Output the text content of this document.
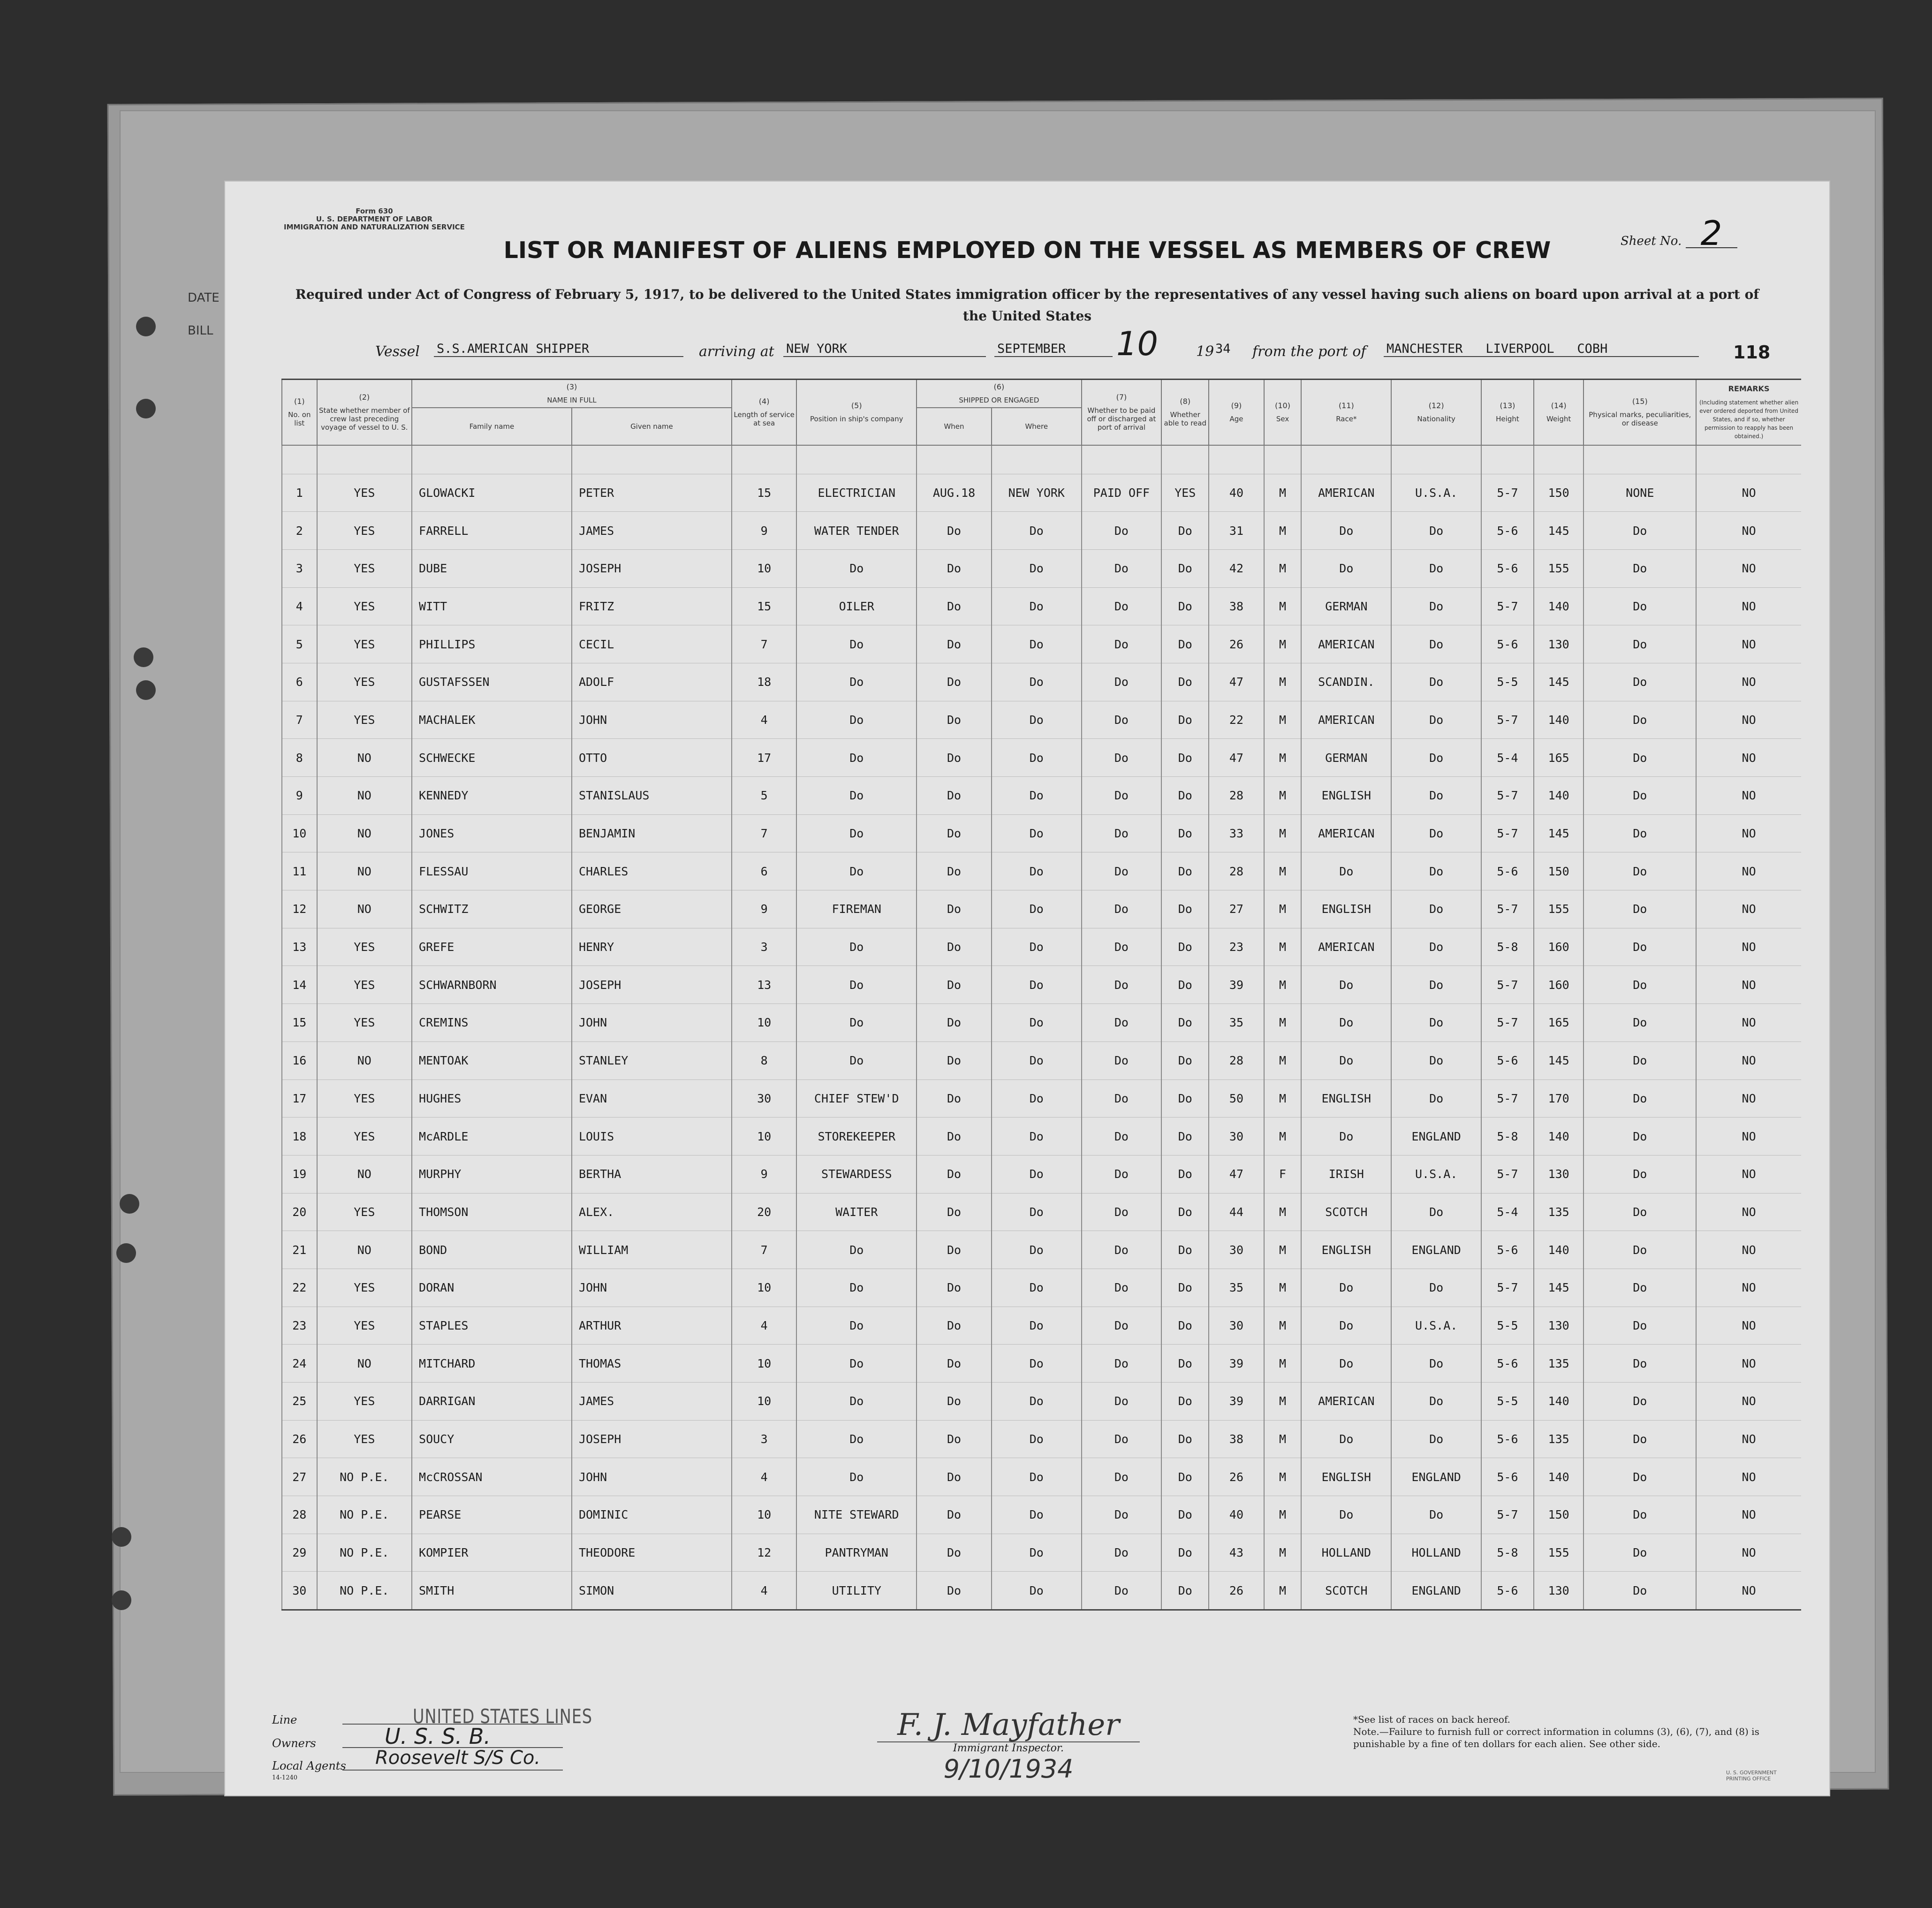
DATE
BILL
Form 630
U. S. DEPARTMENT OF LABOR
IMMIGRATION AND NATURALIZATION SERVICE
Sheet No. 2
LIST OR MANIFEST OF ALIENS EMPLOYED ON THE VESSEL AS MEMBERS OF CREW
Required under Act of Congress of February 5, 1917, to be delivered to the United States immigration officer by the representatives of any vessel having such aliens on board upon arrival at a port of the United States
Vessel S.S.AMERICAN SHIPPER	arriving at NEW YORK	SEPTEMBER	10	19 34	from the port of MANCHESTER   LIVERPOOL   COBH	118
(1)
No. on list	(2)
State whether member of crew last preceding voyage of vessel to U. S.	(3)
NAME IN FULL		(4)
Length of service at sea	(5)
Position in ship's company	(6)
SHIPPED OR ENGAGED		(7)
Whether to be paid off or discharged at port of arrival	(8)
Whether able to read	(9)
Age	(10)
Sex	(11)
Race*	(12)
Nationality	(13)
Height	(14)
Weight	(15)
Physical marks, peculiarities, or disease	REMARKS
(Including statement whether alien ever ordered deported from United States, and if so, whether permission to reapply has been obtained.)
		Family name	Given name			When	Where										

1	YES	GLOWACKI	PETER	15	ELECTRICIAN	AUG.18	NEW YORK	PAID OFF	YES	40	M	AMERICAN	U.S.A.	5-7	150	NONE	NO
2	YES	FARRELL	JAMES	9	WATER TENDER	Do	Do	Do	Do	31	M	Do	Do	5-6	145	Do	NO
3	YES	DUBE	JOSEPH	10	Do	Do	Do	Do	Do	42	M	Do	Do	5-6	155	Do	NO
4	YES	WITT	FRITZ	15	OILER	Do	Do	Do	Do	38	M	GERMAN	Do	5-7	140	Do	NO
5	YES	PHILLIPS	CECIL	7	Do	Do	Do	Do	Do	26	M	AMERICAN	Do	5-6	130	Do	NO
6	YES	GUSTAFSSEN	ADOLF	18	Do	Do	Do	Do	Do	47	M	SCANDIN.	Do	5-5	145	Do	NO
7	YES	MACHALEK	JOHN	4	Do	Do	Do	Do	Do	22	M	AMERICAN	Do	5-7	140	Do	NO
8	NO	SCHWECKE	OTTO	17	Do	Do	Do	Do	Do	47	M	GERMAN	Do	5-4	165	Do	NO
9	NO	KENNEDY	STANISLAUS	5	Do	Do	Do	Do	Do	28	M	ENGLISH	Do	5-7	140	Do	NO
10	NO	JONES	BENJAMIN	7	Do	Do	Do	Do	Do	33	M	AMERICAN	Do	5-7	145	Do	NO
11	NO	FLESSAU	CHARLES	6	Do	Do	Do	Do	Do	28	M	Do	Do	5-6	150	Do	NO
12	NO	SCHWITZ	GEORGE	9	FIREMAN	Do	Do	Do	Do	27	M	ENGLISH	Do	5-7	155	Do	NO
13	YES	GREFE	HENRY	3	Do	Do	Do	Do	Do	23	M	AMERICAN	Do	5-8	160	Do	NO
14	YES	SCHWARNBORN	JOSEPH	13	Do	Do	Do	Do	Do	39	M	Do	Do	5-7	160	Do	NO
15	YES	CREMINS	JOHN	10	Do	Do	Do	Do	Do	35	M	Do	Do	5-7	165	Do	NO
16	NO	MENTOAK	STANLEY	8	Do	Do	Do	Do	Do	28	M	Do	Do	5-6	145	Do	NO
17	YES	HUGHES	EVAN	30	CHIEF STEW'D	Do	Do	Do	Do	50	M	ENGLISH	Do	5-7	170	Do	NO
18	YES	McARDLE	LOUIS	10	STOREKEEPER	Do	Do	Do	Do	30	M	Do	ENGLAND	5-8	140	Do	NO
19	NO	MURPHY	BERTHA	9	STEWARDESS	Do	Do	Do	Do	47	F	IRISH	U.S.A.	5-7	130	Do	NO
20	YES	THOMSON	ALEX.	20	WAITER	Do	Do	Do	Do	44	M	SCOTCH	Do	5-4	135	Do	NO
21	NO	BOND	WILLIAM	7	Do	Do	Do	Do	Do	30	M	ENGLISH	ENGLAND	5-6	140	Do	NO
22	YES	DORAN	JOHN	10	Do	Do	Do	Do	Do	35	M	Do	Do	5-7	145	Do	NO
23	YES	STAPLES	ARTHUR	4	Do	Do	Do	Do	Do	30	M	Do	U.S.A.	5-5	130	Do	NO
24	NO	MITCHARD	THOMAS	10	Do	Do	Do	Do	Do	39	M	Do	Do	5-6	135	Do	NO
25	YES	DARRIGAN	JAMES	10	Do	Do	Do	Do	Do	39	M	AMERICAN	Do	5-5	140	Do	NO
26	YES	SOUCY	JOSEPH	3	Do	Do	Do	Do	Do	38	M	Do	Do	5-6	135	Do	NO
27	NO P.E.	McCROSSAN	JOHN	4	Do	Do	Do	Do	Do	26	M	ENGLISH	ENGLAND	5-6	140	Do	NO
28	NO P.E.	PEARSE	DOMINIC	10	NITE STEWARD	Do	Do	Do	Do	40	M	Do	Do	5-7	150	Do	NO
29	NO P.E.	KOMPIER	THEODORE	12	PANTRYMAN	Do	Do	Do	Do	43	M	HOLLAND	HOLLAND	5-8	155	Do	NO
30	NO P.E.	SMITH	SIMON	4	UTILITY	Do	Do	Do	Do	26	M	SCOTCH	ENGLAND	5-6	130	Do	NO
Line	UNITED STATES LINES
Owners	U. S. S. B.
Local Agents Roosevelt S/S Co.
14-1240
F. J. Mayfather
Immigrant Inspector.
9/10/1934
*See list of races on back hereof.
Note.—Failure to furnish full or correct information in columns (3), (6), (7), and (8) is punishable by a fine of ten dollars for each alien. See other side.
U. S. GOVERNMENT PRINTING OFFICE
